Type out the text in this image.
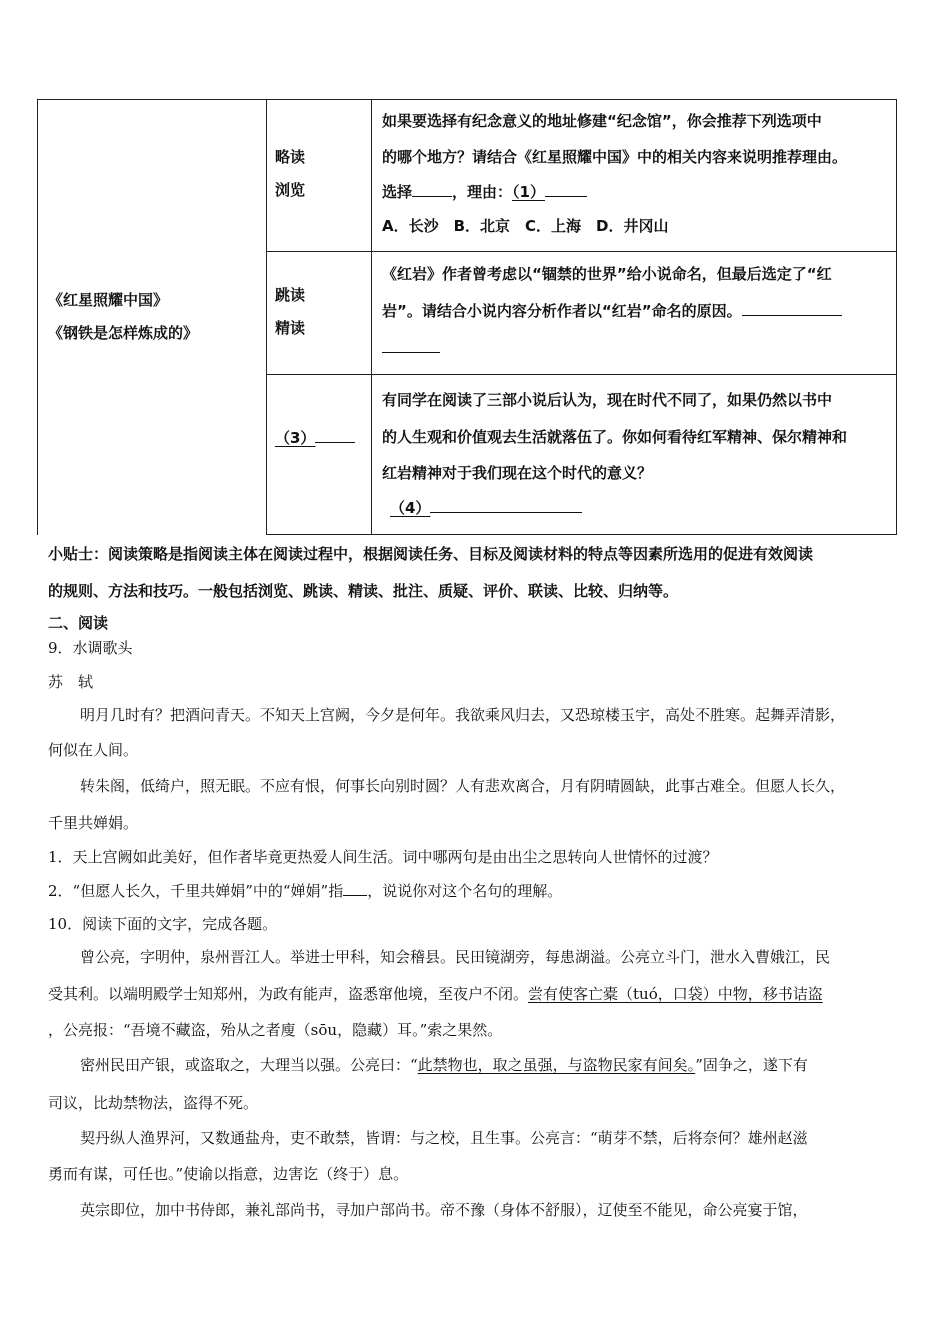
《红星照耀中国》
《钢铁是怎样炼成的》
略读
浏览
如果要选择有纪念意义的地址修建“纪念馆”，你会推荐下列选项中
的哪个地方？请结合《红星照耀中国》中的相关内容来说明推荐理由。
选择	，理由：（1）
A．长沙　B．北京　C．上海　D．井冈山
跳读
精读
《红岩》作者曾考虑以“锢禁的世界”给小说命名，但最后选定了“红
岩”。请结合小说内容分析作者以“红岩”命名的原因。
（3）
有同学在阅读了三部小说后认为，现在时代不同了，如果仍然以书中
的人生观和价值观去生活就落伍了。你如何看待红军精神、保尔精神和
红岩精神对于我们现在这个时代的意义？
（4）
小贴士：阅读策略是指阅读主体在阅读过程中，根据阅读任务、目标及阅读材料的特点等因素所选用的促进有效阅读
的规则、方法和技巧。一般包括浏览、跳读、精读、批注、质疑、评价、联读、比较、归纳等。
二、阅读
9．水调歌头
苏　轼
明月几时有？把酒问青天。不知天上宫阙，今夕是何年。我欲乘风归去，又恐琼楼玉宇，高处不胜寒。起舞弄清影，
何似在人间。
转朱阁，低绮户，照无眠。不应有恨，何事长向别时圆？人有悲欢离合，月有阴晴圆缺，此事古难全。但愿人长久，
千里共婵娟。
1．天上宫阙如此美好，但作者毕竟更热爱人间生活。词中哪两句是由出尘之思转向人世情怀的过渡？
2．“但愿人长久，千里共婵娟”中的“婵娟”指 ，说说你对这个名句的理解。
10．阅读下面的文字，完成各题。
曾公亮，字明仲，泉州晋江人。举进士甲科，知会稽县。民田镜湖旁，每患湖溢。公亮立斗门，泄水入曹娥江，民
受其利。以端明殿学士知郑州，为政有能声，盗悉窜他境，至夜户不闭。尝有使客亡橐（tuó，口袋）中物，移书诘盗
，公亮报：“吾境不藏盗，殆从之者廋（sōu，隐藏）耳。”索之果然。
密州民田产银，或盗取之，大理当以强。公亮曰：“此禁物也，取之虽强，与盗物民家有间矣。”固争之，遂下有
司议，比劫禁物法，盗得不死。
契丹纵人渔界河，又数通盐舟，吏不敢禁，皆谓：与之校，且生事。公亮言：“萌芽不禁，后将奈何？雄州赵滋
勇而有谋，可任也。”使谕以指意，边害讫（终于）息。
英宗即位，加中书侍郎，兼礼部尚书，寻加户部尚书。帝不豫（身体不舒服），辽使至不能见，命公亮宴于馆，
